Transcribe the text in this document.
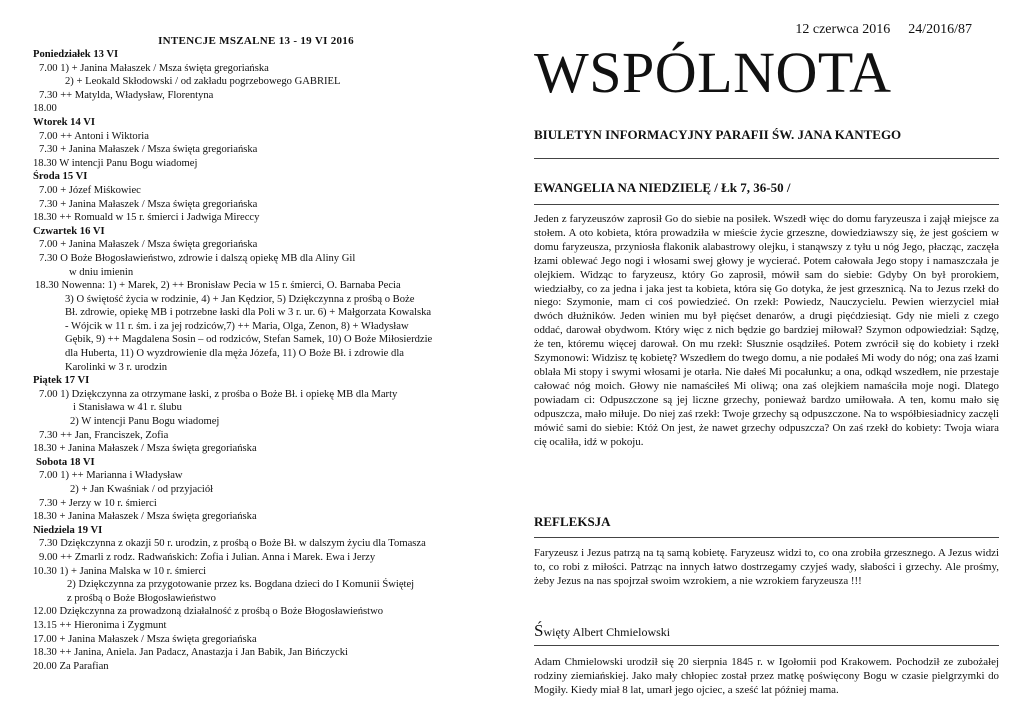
INTENCJE MSZALNE 13 - 19 VI 2016
Poniedziałek 13 VI
7.00 1) + Janina Małaszek / Msza święta gregoriańska
2) + Leokald Skłodowski / od zakładu pogrzebowego GABRIEL
7.30 ++ Matylda, Władysław, Florentyna
18.00
Wtorek 14 VI
7.00 ++ Antoni i Wiktoria
7.30 + Janina Małaszek / Msza święta gregoriańska
18.30 W intencji Panu Bogu wiadomej
Środa 15 VI
7.00 + Józef Miśkowiec
7.30 + Janina Małaszek / Msza święta gregoriańska
18.30 ++ Romuald w 15 r. śmierci i Jadwiga Mireccy
Czwartek 16 VI
7.00 + Janina Małaszek / Msza święta gregoriańska
7.30 O Boże Błogosławieństwo, zdrowie i dalszą opiekę MB dla Aliny Gil
w dniu imienin
18.30 Nowenna: 1) + Marek, 2) ++ Bronisław Pecia w 15 r. śmierci, O. Barnaba Pecia
3) O świętość życia w rodzinie, 4) + Jan Kędzior, 5) Dziękczynna z prośbą o Boże
Bł. zdrowie, opiekę MB i potrzebne łaski dla Poli w 3 r. ur. 6) + Małgorzata Kowalska
- Wójcik w 11 r. śm. i za jej rodziców,7) ++ Maria, Olga, Zenon, 8) + Władysław
Gębik, 9) ++ Magdalena Sosin – od rodziców, Stefan Samek, 10) O Boże Miłosierdzie
dla Huberta, 11) O wyzdrowienie dla męża Józefa, 11) O Boże Bł. i zdrowie dla
Karolinki w 3 r. urodzin
Piątek 17 VI
7.00 1) Dziękczynna za otrzymane łaski, z prośba o Boże Bł. i opiekę MB dla Marty
i Stanisława w 41 r. ślubu
2) W intencji Panu Bogu wiadomej
7.30 ++ Jan, Franciszek, Zofia
18.30 + Janina Małaszek / Msza święta gregoriańska
Sobota 18 VI
7.00 1) ++ Marianna i Władysław
2) + Jan Kwaśniak / od przyjaciół
7.30 + Jerzy w 10 r. śmierci
18.30 + Janina Małaszek / Msza święta gregoriańska
Niedziela 19 VI
7.30 Dziękczynna z okazji 50 r. urodzin, z prośbą o Boże Bł. w dalszym życiu dla Tomasza
9.00 ++ Zmarli z rodz. Radwańskich: Zofia i Julian. Anna i Marek. Ewa i Jerzy
10.30 1) + Janina Malska w 10 r. śmierci
2) Dziękczynna za przygotowanie przez ks. Bogdana dzieci do I Komunii Świętej
z prośbą o Boże Błogosławieństwo
12.00 Dziękczynna za prowadzoną działalność z prośbą o Boże Błogosławieństwo
13.15 ++ Hieronima i Zygmunt
17.00 + Janina Małaszek / Msza święta gregoriańska
18.30 ++ Janina, Aniela. Jan Padacz, Anastazja i Jan Babik, Jan Bińczycki
20.00 Za Parafian
12 czerwca 2016 24/2016/87
WSPÓLNOTA
BIULETYN INFORMACYJNY PARAFII ŚW. JANA KANTEGO
EWANGELIA NA NIEDZIELĘ / Łk 7, 36-50 /
Jeden z faryzeuszów zaprosił Go do siebie na posiłek. Wszedł więc do domu faryzeusza i zajął miejsce za stołem. A oto kobieta, która prowadziła w mieście życie grzeszne, dowiedziawszy się, że jest gościem w domu faryzeusza, przyniosła flakonik alabastrowy olejku, i stanąwszy z tyłu u nóg Jego, płacząc, zaczęła łzami oblewać Jego nogi i włosami swej głowy je wycierać. Potem całowała Jego stopy i namaszczała je olejkiem. Widząc to faryzeusz, który Go zaprosił, mówił sam do siebie: Gdyby On był prorokiem, wiedziałby, co za jedna i jaka jest ta kobieta, która się Go dotyka, że jest grzesznicą. Na to Jezus rzekł do niego: Szymonie, mam ci coś powiedzieć. On rzekł: Powiedz, Nauczycielu. Pewien wierzyciel miał dwóch dłużników. Jeden winien mu był pięćset denarów, a drugi pięćdziesiąt. Gdy nie mieli z czego oddać, darował obydwom. Który więc z nich będzie go bardziej miłował? Szymon odpowiedział: Sądzę, że ten, któremu więcej darował. On mu rzekł: Słusznie osądziłeś. Potem zwrócił się do kobiety i rzekł Szymonowi: Widzisz tę kobietę? Wszedłem do twego domu, a nie podałeś Mi wody do nóg; ona zaś łzami oblała Mi stopy i swymi włosami je otarła. Nie dałeś Mi pocałunku; a ona, odkąd wszedłem, nie przestaje całować nóg moich. Głowy nie namaściłeś Mi oliwą; ona zaś olejkiem namaściła moje nogi. Dlatego powiadam ci: Odpuszczone są jej liczne grzechy, ponieważ bardzo umiłowała. A ten, komu mało się odpuszcza, mało miłuje. Do niej zaś rzekł: Twoje grzechy są odpuszczone. Na to współbiesiadnicy zaczęli mówić sami do siebie: Któż On jest, że nawet grzechy odpuszcza? On zaś rzekł do kobiety: Twoja wiara cię ocaliła, idź w pokoju.
REFLEKSJA
Faryzeusz i Jezus patrzą na tą samą kobietę. Faryzeusz widzi to, co ona zrobiła grzesznego. A Jezus widzi to, co robi z miłości. Patrząc na innych łatwo dostrzegamy czyjeś wady, słabości i grzechy. Ale prośmy, żeby Jezus na nas spojrzał swoim wzrokiem, a nie wzrokiem faryzeusza !!!
Święty Albert Chmielowski
Adam Chmielowski urodził się 20 sierpnia 1845 r. w Igołomii pod Krakowem. Pochodził ze zubożałej rodziny ziemiańskiej. Jako mały chłopiec został przez matkę poświęcony Bogu w czasie pielgrzymki do Mogiły. Kiedy miał 8 lat, umarł jego ojciec, a sześć lat później mama.
